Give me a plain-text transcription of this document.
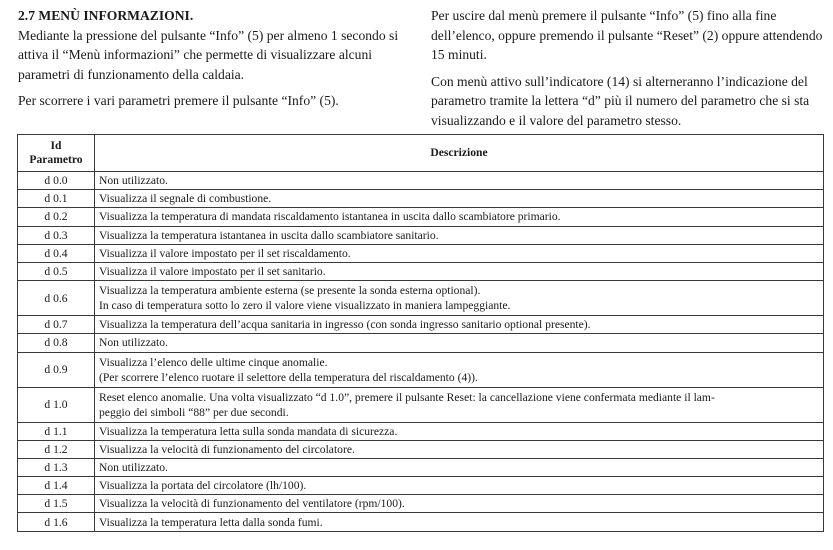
2.7 MENÙ INFORMAZIONI.

Mediante la pressione del pulsante “Info” (5) per almeno 1 secondo si attiva il “Menù informazioni” che permette di visualizzare alcuni parametri di funzionamento della caldaia.

Per scorrere i vari parametri premere il pulsante “Info” (5).

Per uscire dal menù premere il pulsante “Info” (5) fino alla fine dell’elenco, oppure premendo il pulsante “Reset” (2) oppure attendendo 15 minuti.

Con menù attivo sull’indicatore (14) si alterneranno l’indicazione del parametro tramite la lettera “d” più il numero del parametro che si sta visualizzando e il valore del parametro stesso.

Id
Parametro	Descrizione
d 0.0	Non utilizzato.

d 0.1	Visualizza il segnale di combustione.

d 0.2	Visualizza la temperatura di mandata riscaldamento istantanea in uscita dallo scambiatore primario.

d 0.3	Visualizza la temperatura istantanea in uscita dallo scambiatore sanitario.

d 0.4	Visualizza il valore impostato per il set riscaldamento.

d 0.5	Visualizza il valore impostato per il set sanitario.

d 0.6	Visualizza la temperatura ambiente esterna (se presente la sonda esterna optional).
In caso di temperatura sotto lo zero il valore viene visualizzato in maniera lampeggiante.

d 0.7	Visualizza la temperatura dell’acqua sanitaria in ingresso (con sonda ingresso sanitario optional presente).

d 0.8	Non utilizzato.

d 0.9	Visualizza l’elenco delle ultime cinque anomalie.
(Per scorrere l’elenco ruotare il selettore della temperatura del riscaldamento (4)).

d 1.0	Reset elenco anomalie. Una volta visualizzato “d 1.0”, premere il pulsante Reset: la cancellazione viene confermata mediante il lam-
peggio dei simboli “88” per due secondi.

d 1.1	Visualizza la temperatura letta sulla sonda mandata di sicurezza.

d 1.2	Visualizza la velocità di funzionamento del circolatore.

d 1.3	Non utilizzato.

d 1.4	Visualizza la portata del circolatore (lh/100).

d 1.5	Visualizza la velocità di funzionamento del ventilatore (rpm/100).

d 1.6	Visualizza la temperatura letta dalla sonda fumi.
